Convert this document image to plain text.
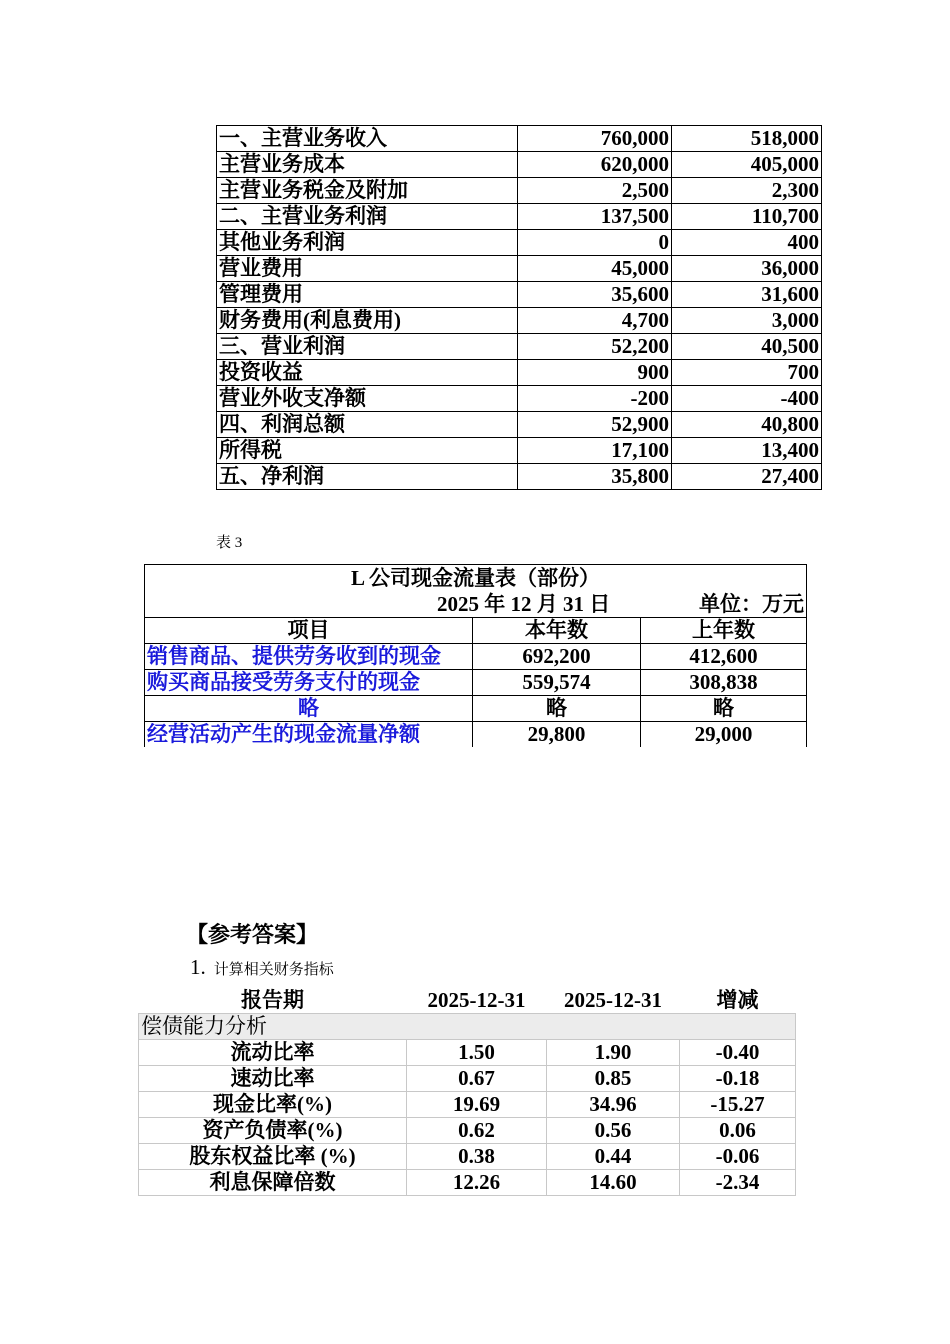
一、主营业务收入	760,000	518,000
主营业务成本	620,000	405,000
主营业务税金及附加	2,500	2,300
二、主营业务利润	137,500	110,700
其他业务利润	0	400
营业费用	45,000	36,000
管理费用	35,600	31,600
财务费用(利息费用)	4,700	3,000
三、营业利润	52,200	40,500
投资收益	900	700
营业外收支净额	-200	-400
四、利润总额	52,900	40,800
所得税	17,100	13,400
五、净利润	35,800	27,400
表 3
L 公司现金流量表（部份）		

2025 年 12 月 31 日 单位：万元		

项目	本年数	上年数
销售商品、提供劳务收到的现金	692,200	412,600
购买商品接受劳务支付的现金	559,574	308,838
略	略	略
经营活动产生的现金流量净额	29,800	29,000
【参考答案】
1. 计算相关财务指标
报告期	2025-12-31	2025-12-31	增减
偿债能力分析			
流动比率	1.50	1.90	-0.40
速动比率	0.67	0.85	-0.18
现金比率(%)	19.69	34.96	-15.27
资产负债率(%)	0.62	0.56	0.06
股东权益比率 (%)	0.38	0.44	-0.06
利息保障倍数	12.26	14.60	-2.34
